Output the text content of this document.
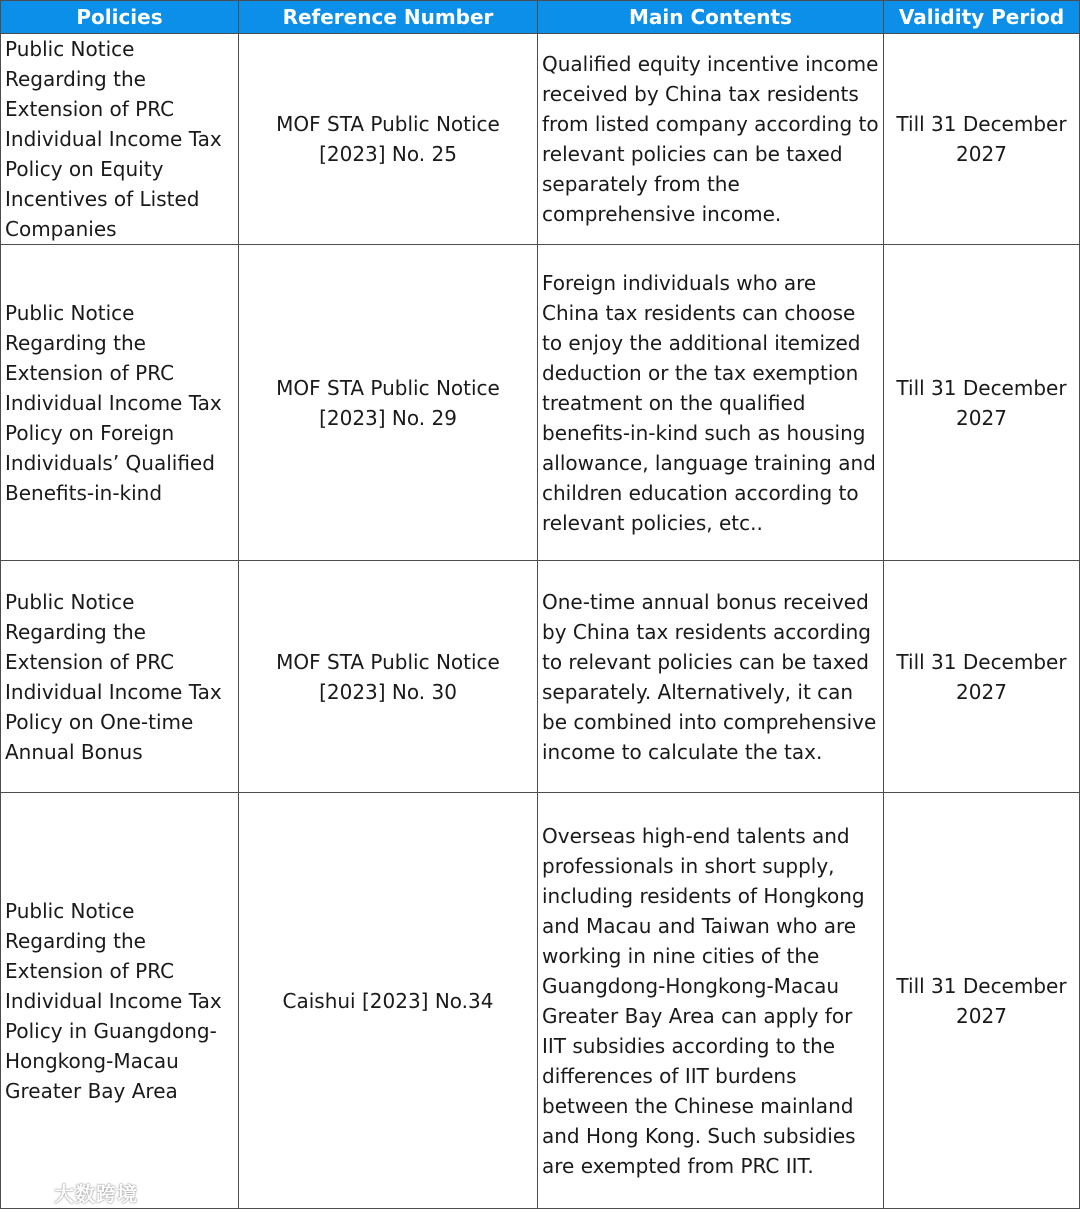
Policies	Reference Number	Main Contents	Validity Period
Public Notice Regarding the Extension of PRC Individual Income Tax Policy on Equity Incentives of Listed Companies	MOF STA Public Notice [2023] No. 25	Qualified equity incentive income received by China tax residents from listed company according to relevant policies can be taxed separately from the comprehensive income.	Till 31 December 2027
Public Notice Regarding the Extension of PRC Individual Income Tax Policy on Foreign Individuals’ Qualified Benefits-in-kind	MOF STA Public Notice [2023] No. 29	Foreign individuals who are China tax residents can choose to enjoy the additional itemized deduction or the tax exemption treatment on the qualified benefits-in-kind such as housing allowance, language training and children education according to relevant policies, etc..	Till 31 December 2027
Public Notice Regarding the Extension of PRC Individual Income Tax Policy on One-time Annual Bonus	MOF STA Public Notice [2023] No. 30	One-time annual bonus received by China tax residents according to relevant policies can be taxed separately. Alternatively, it can be combined into comprehensive income to calculate the tax.	Till 31 December 2027
Public Notice Regarding the Extension of PRC Individual Income Tax Policy in Guangdong-Hongkong-Macau Greater Bay Area	Caishui [2023] No.34	Overseas high-end talents and professionals in short supply, including residents of Hongkong and Macau and Taiwan who are working in nine cities of the Guangdong-Hongkong-Macau Greater Bay Area can apply for IIT subsidies according to the differences of IIT burdens between the Chinese mainland and Hong Kong. Such subsidies are exempted from PRC IIT.	Till 31 December 2027
大数跨境
